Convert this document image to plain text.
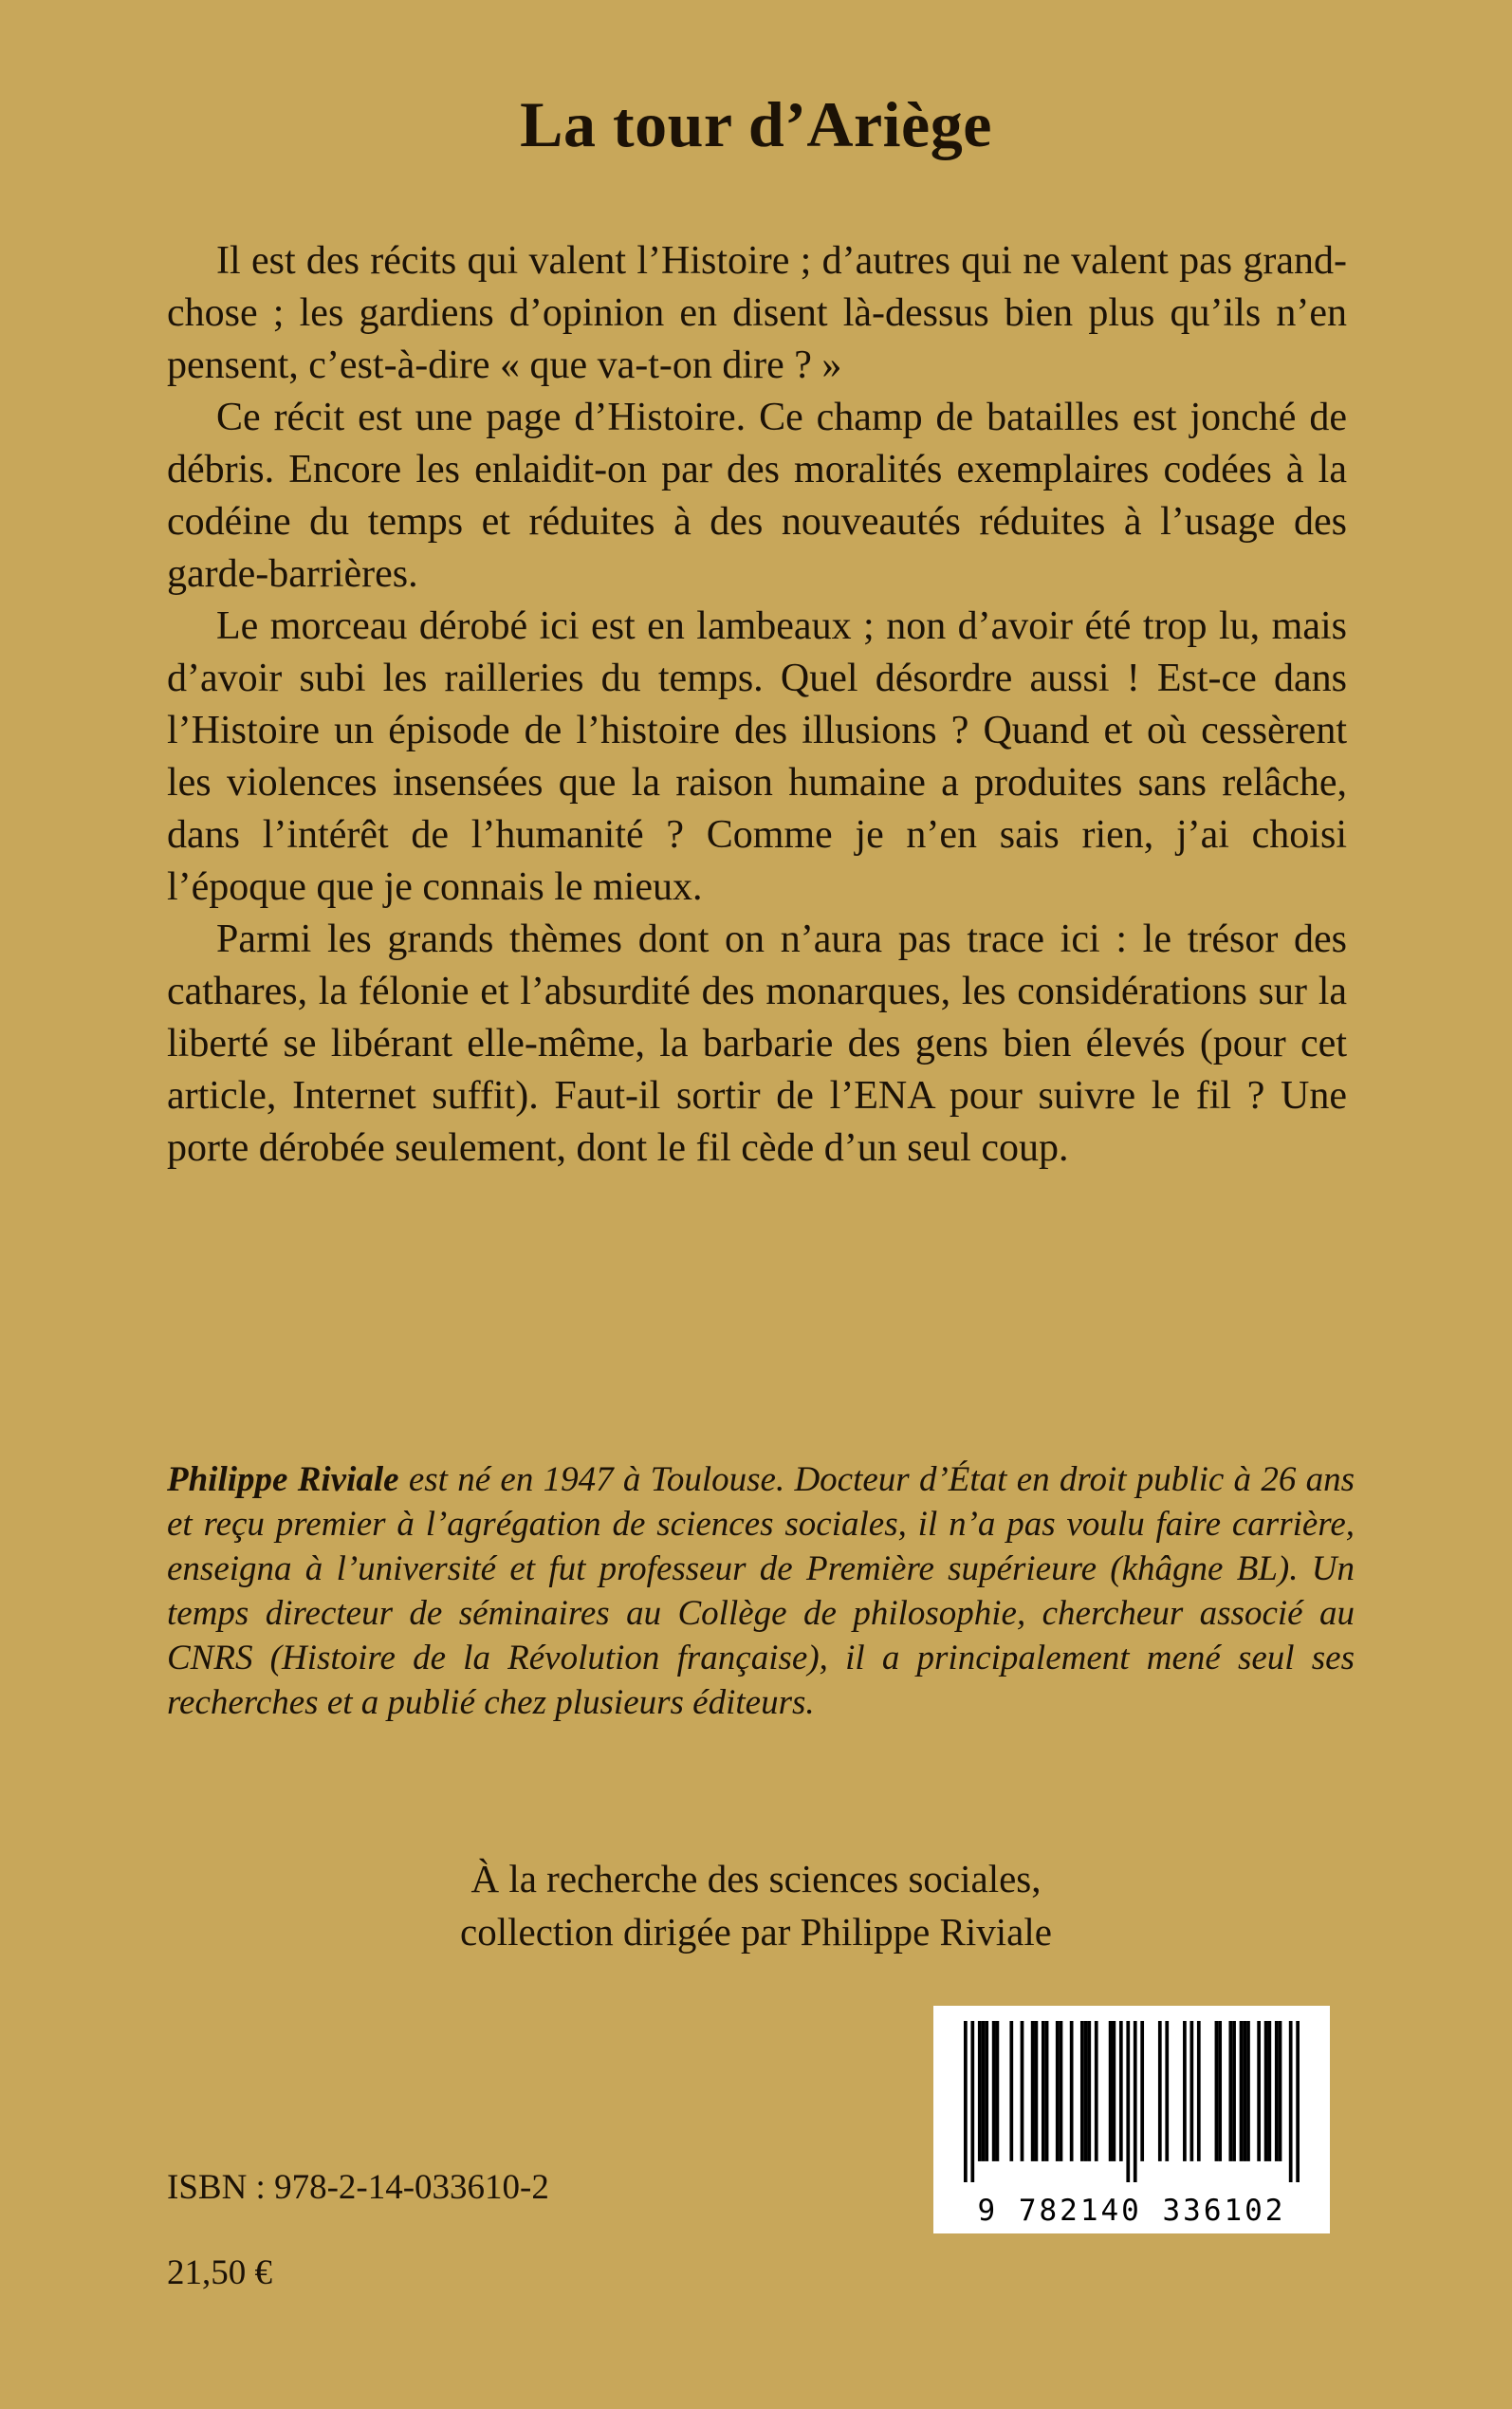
La tour d’Ariège

Il est des récits qui valent l’Histoire ; d’autres qui ne valent pas grand-chose ; les gardiens d’opinion en disent là-dessus bien plus qu’ils n’en pensent, c’est-à-dire « que va-t-on dire ? »

Ce récit est une page d’Histoire. Ce champ de batailles est jonché de débris. Encore les enlaidit-on par des moralités exemplaires codées à la codéine du temps et réduites à des nouveautés réduites à l’usage des garde-barrières.

Le morceau dérobé ici est en lambeaux ; non d’avoir été trop lu, mais d’avoir subi les railleries du temps. Quel désordre aussi ! Est-ce dans l’Histoire un épisode de l’histoire des illusions ? Quand et où cessèrent les violences insensées que la raison humaine a produites sans relâche, dans l’intérêt de l’humanité ? Comme je n’en sais rien, j’ai choisi l’époque que je connais le mieux.

Parmi les grands thèmes dont on n’aura pas trace ici : le trésor des cathares, la félonie et l’absurdité des monarques, les considérations sur la liberté se libérant elle-même, la barbarie des gens bien élevés (pour cet article, Internet suffit). Faut-il sortir de l’ENA pour suivre le fil ? Une porte dérobée seulement, dont le fil cède d’un seul coup.

Philippe Riviale est né en 1947 à Toulouse. Docteur d’État en droit public à 26 ans et reçu premier à l’agrégation de sciences sociales, il n’a pas voulu faire carrière, enseigna à l’université et fut professeur de Première supérieure (khâgne BL). Un temps directeur de séminaires au Collège de philosophie, chercheur associé au CNRS (Histoire de la Révolution française), il a principalement mené seul ses recherches et a publié chez plusieurs éditeurs.

À la recherche des sciences sociales,
collection dirigée par Philippe Riviale
ISBN : 978-2-14-033610-2
21,50 €
9 782140 336102
